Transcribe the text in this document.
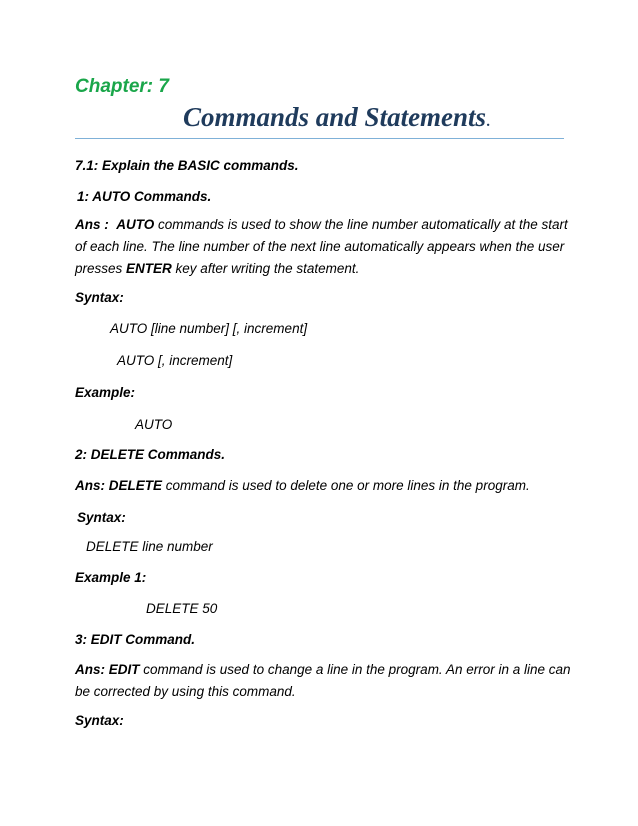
Chapter: 7
Commands and Statements.
7.1: Explain the BASIC commands.
1: AUTO Commands.
Ans : AUTO commands is used to show the line number automatically at the start of each line. The line number of the next line automatically appears when the user presses ENTER key after writing the statement.
Syntax:
AUTO [line number] [, increment]
AUTO [, increment]
Example:
AUTO
2: DELETE Commands.
Ans: DELETE command is used to delete one or more lines in the program.
Syntax:
DELETE line number
Example 1:
DELETE 50
3: EDIT Command.
Ans: EDIT command is used to change a line in the program. An error in a line can be corrected by using this command.
Syntax:
